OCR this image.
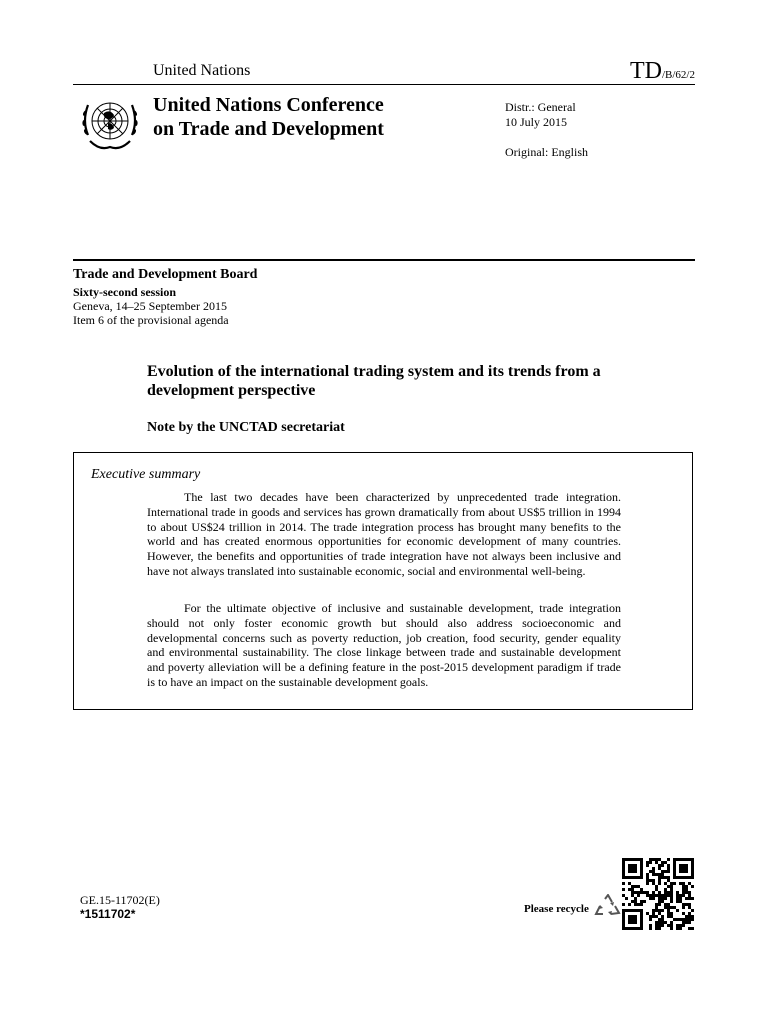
United Nations	TD/B/62/2
United Nations Conference
on Trade and Development
Distr.: General
10 July 2015
Original: English
Trade and Development Board
Sixty-second session
Geneva, 14–25 September 2015
Item 6 of the provisional agenda
Evolution of the international trading system and its trends from a development perspective
Note by the UNCTAD secretariat
Executive summary

The last two decades have been characterized by unprecedented trade integration. International trade in goods and services has grown dramatically from about US$5 trillion in 1994 to about US$24 trillion in 2014. The trade integration process has brought many benefits to the world and has created enormous opportunities for economic development of many countries. However, the benefits and opportunities of trade integration have not always been inclusive and have not always translated into sustainable economic, social and environmental well-being.

For the ultimate objective of inclusive and sustainable development, trade integration should not only foster economic growth but should also address socioeconomic and developmental concerns such as poverty reduction, job creation, food security, gender equality and environmental sustainability. The close linkage between trade and sustainable development and poverty alleviation will be a defining feature in the post-2015 development paradigm if trade is to have an impact on the sustainable development goals.

GE.15-11702(E)
*1511702*	Please recycle
